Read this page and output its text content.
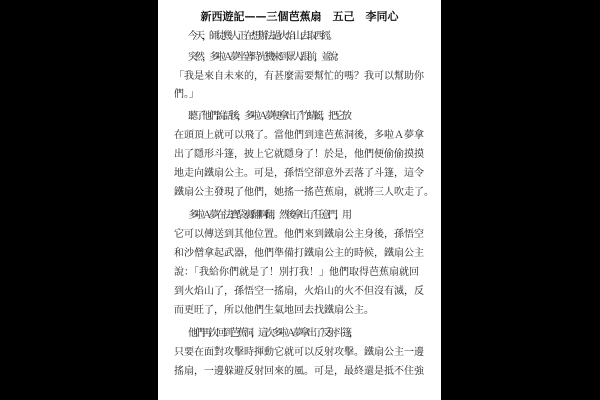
新西遊記——三個芭蕉扇　五己　李同心

今天，師徒幾人正在想辦法過火焰山去取西經。

突然，多啦Ａ夢坐著時光機來到眾人跟前，並說：

「我是來自未來的，有甚麼需要幫忙的嗎？我可以幫助你

們。」

聽了他們說話後，多啦Ａ夢便拿出了竹蜻蜓，把它放

在頭頂上就可以飛了。當他們到達芭蕉洞後，多啦Ａ夢拿

出了隱形斗篷，披上它就隱身了！於是，他們便偷偷摸摸

地走向鐵扇公主。可是，孫悟空卻意外丟落了斗篷，這令

鐵扇公主發現了他們，她搖一搖芭蕉扇，就將三人吹走了。

多啦Ａ夢在法寶袋裏翻啊翻，然後拿出了任意門，用

它可以傳送到其他位置。他們來到鐵扇公主身後，孫悟空

和沙僧拿起武器，他們準備打鐵扇公主的時候，鐵扇公主

說：「我給你們就是了！別打我！」他們取得芭蕉扇就回

到火焰山了，孫悟空一搖扇，火焰山的火不但沒有滅，反

而更旺了，所以他們生氣地回去找鐵扇公主。

他們再次回到芭蕉洞，這次多啦Ａ夢拿出了反射斗篷，

只要在面對攻擊時揮動它就可以反射攻擊。鐵扇公主一邊

搖扇，一邊躲避反射回來的風。可是，最終還是抵不住強
